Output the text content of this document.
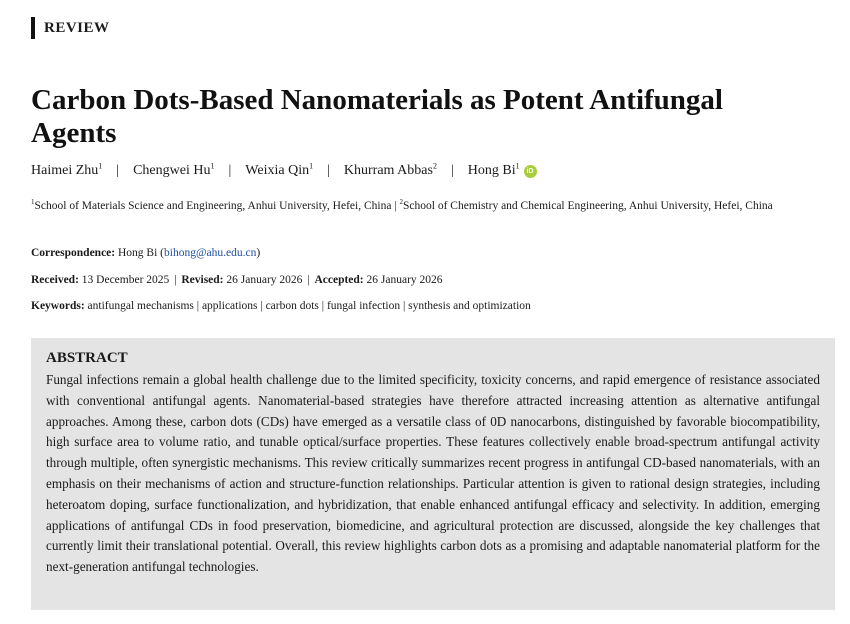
REVIEW
Carbon Dots-Based Nanomaterials as Potent Antifungal Agents
Haimei Zhu$^1$ | Chengwei Hu$^1$ | Weixia Qin$^1$ | Khurram Abbas$^2$ | Hong Bi$^1$
iD
$^1$School of Materials Science and Engineering, Anhui University, Hefei, China | $^2$School of Chemistry and Chemical Engineering, Anhui University, Hefei, China
Correspondence: Hong Bi (bihong@ahu.edu.cn)
Received: 13 December 2025 | Revised: 26 January 2026 | Accepted: 26 January 2026
Keywords: antifungal mechanisms | applications | carbon dots | fungal infection | synthesis and optimization
ABSTRACT
Fungal infections remain a global health challenge due to the limited specificity, toxicity concerns, and rapid emergence of resistance associated with conventional antifungal agents. Nanomaterial-based strategies have therefore attracted increasing attention as alternative antifungal approaches. Among these, carbon dots (CDs) have emerged as a versatile class of 0D nanocarbons, distinguished by favorable biocompatibility, high surface area to volume ratio, and tunable optical/surface properties. These features collectively enable broad-spectrum antifungal activity through multiple, often synergistic mechanisms. This review critically summarizes recent progress in antifungal CD-based nanomaterials, with an emphasis on their mechanisms of action and structure-function relationships. Particular attention is given to rational design strategies, including heteroatom doping, surface functionalization, and hybridization, that enable enhanced antifungal efficacy and selectivity. In addition, emerging applications of antifungal CDs in food preservation, biomedicine, and agricultural protection are discussed, alongside the key challenges that currently limit their translational potential. Overall, this review highlights carbon dots as a promising and adaptable nanomaterial platform for the next-generation antifungal technologies.
